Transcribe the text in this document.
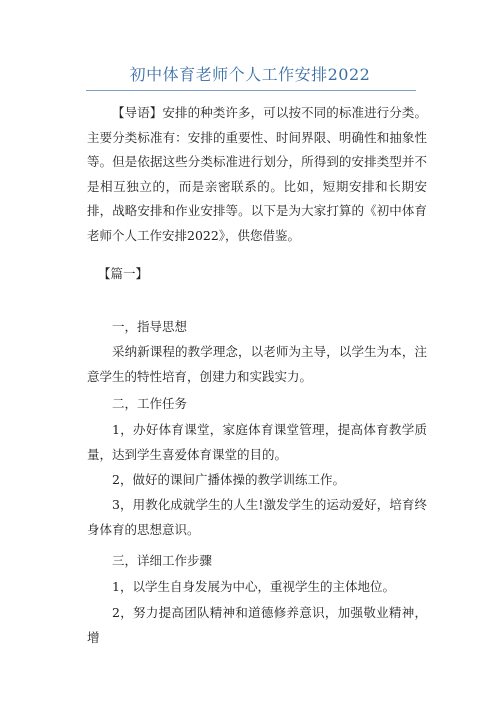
初中体育老师个人工作安排2022

【导语】安排的种类许多，可以按不同的标准进行分类。主要分类标准有：安排的重要性、时间界限、明确性和抽象性等。但是依据这些分类标准进行划分，所得到的安排类型并不是相互独立的，而是亲密联系的。比如，短期安排和长期安排，战略安排和作业安排等。以下是为大家打算的《初中体育老师个人工作安排2022》，供您借鉴。

【篇一】
一，指导思想

采纳新课程的教学理念，以老师为主导，以学生为本，注意学生的特性培育，创建力和实践实力。

二，工作任务

1，办好体育课堂，家庭体育课堂管理，提高体育教学质量，达到学生喜爱体育课堂的目的。

2，做好的课间广播体操的教学训练工作。

3，用教化成就学生的人生!激发学生的运动爱好，培育终身体育的思想意识。

三，详细工作步骤

1，以学生自身发展为中心，重视学生的主体地位。

2，努力提高团队精神和道德修养意识，加强敬业精神，增
